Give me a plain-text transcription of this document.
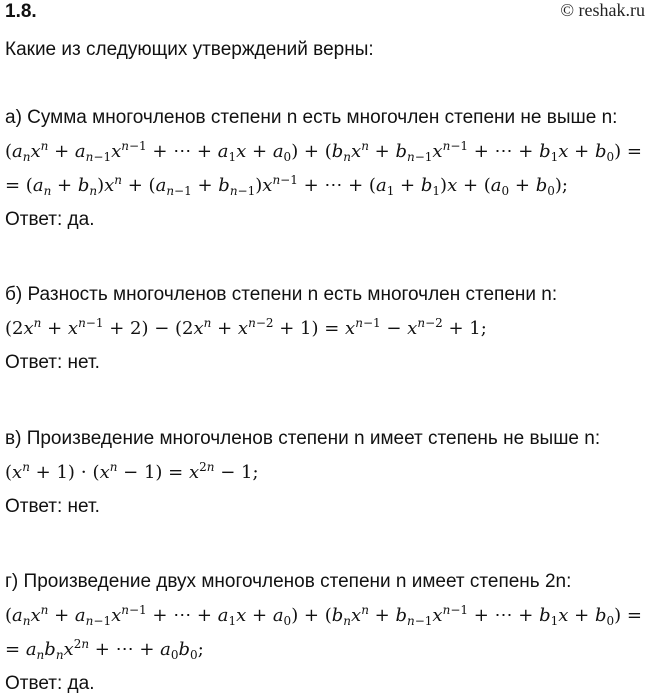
1.8.	© reshak.ru
Какие из следующих утверждений верны:
а) Сумма многочленов степени n есть многочлен степени не выше n:
($a_nx^n + a_{n-1}x^{n-1}$ + ⋯ + $a_1x + a_0) + (b_nx^n + b_{n-1}x^{n-1}$ + ⋯ + $b_1x + b_0$) =
= $(a_n + b_n)x^n + (a_{n-1} + b_{n-1})x^{n-1}$ + ⋯ + $(a_1 + b_1)x + (a_0 + b_0)$;
Ответ: да.
б) Разность многочленов степени n есть многочлен степени n:
$(2x^n + x^{n-1} + 2) - (2x^n + x^{n-2} + 1) = x^{n-1} - x^{n-2} + 1$;
Ответ: нет.
в) Произведение многочленов степени n имеет степень не выше n:
$(x^n + 1) \cdot (x^n - 1) = x^{2n} - 1$;
Ответ: нет.
г) Произведение двух многочленов степени n имеет степень 2n:
($a_nx^n + a_{n-1}x^{n-1}$ + ⋯ + $a_1x + a_0) + (b_nx^n + b_{n-1}x^{n-1}$ + ⋯ + $b_1x + b_0$) =
= $a_nb_nx^{2n}$ + ⋯ + $a_0b_0$;
Ответ: да.
